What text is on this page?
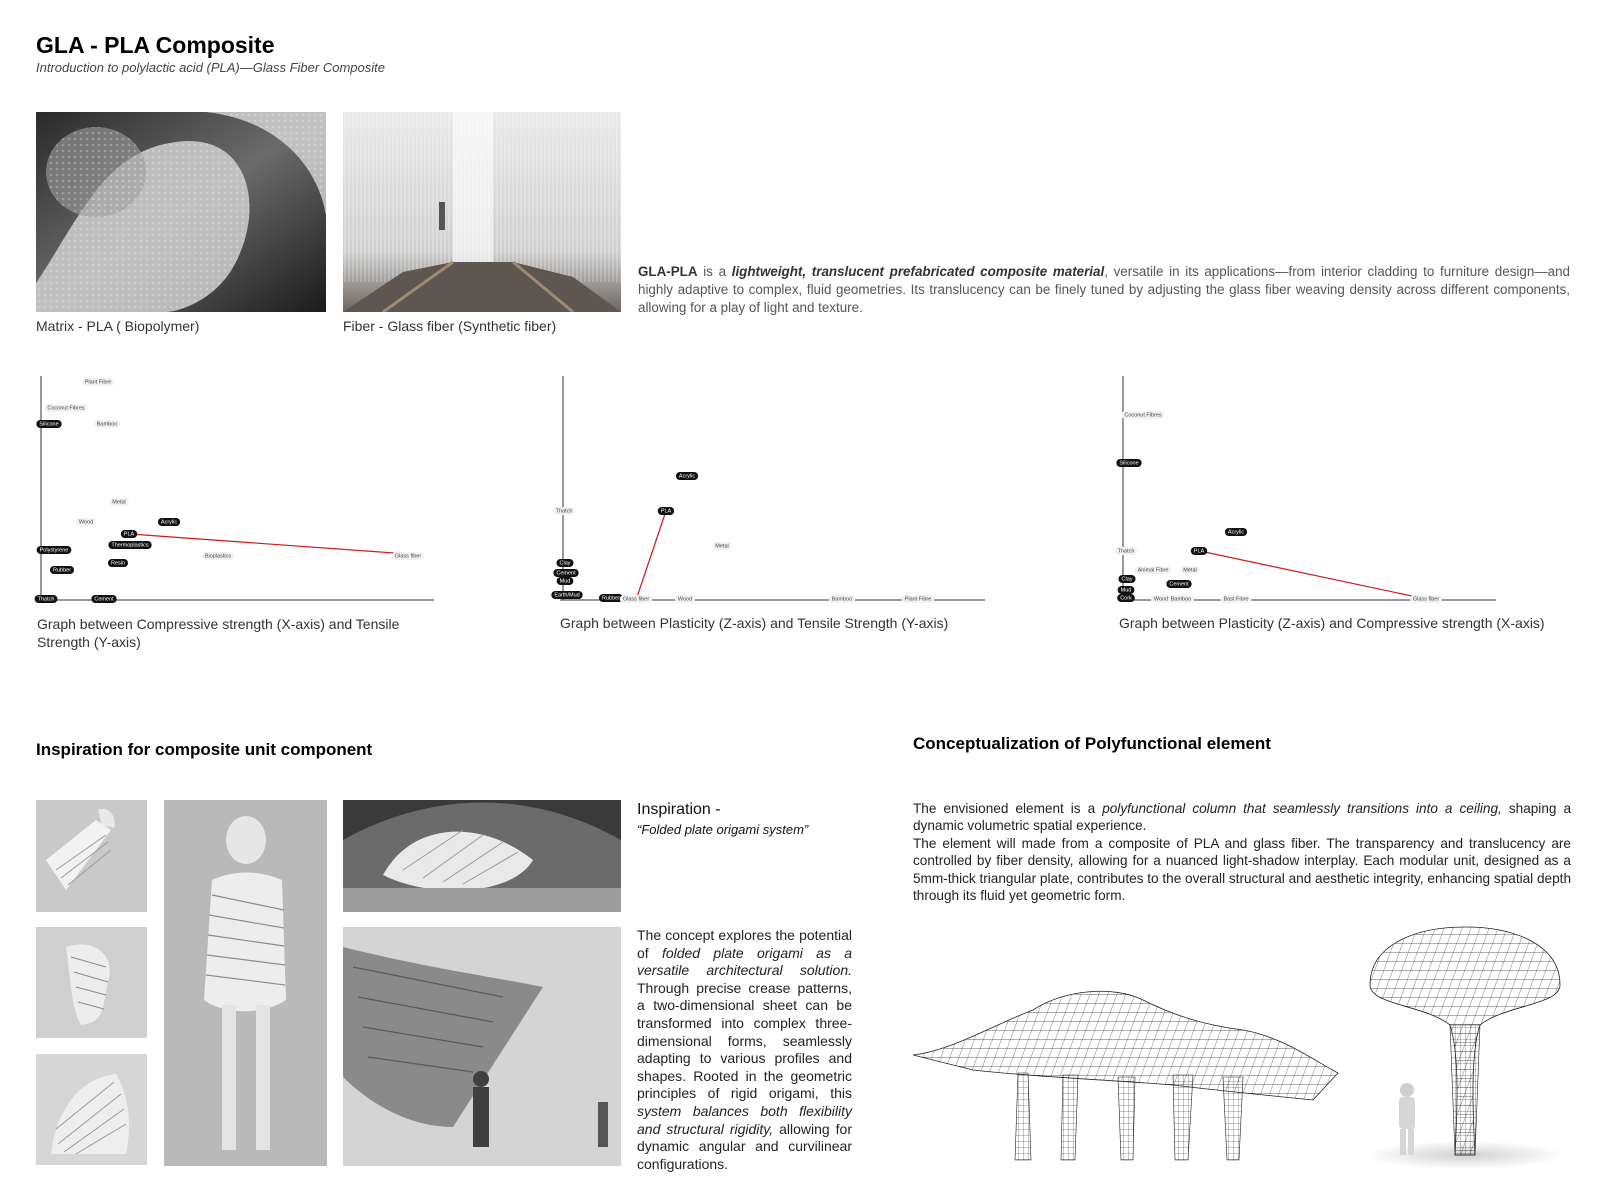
GLA - PLA Composite
Introduction to polylactic acid (PLA)—Glass Fiber Composite
Matrix - PLA ( Biopolymer)	Fiber - Glass fiber (Synthetic fiber)
GLA-PLA is a lightweight, translucent prefabricated composite material, versatile in its applications—from interior cladding to furniture design—and highly adaptive to complex, fluid geometries. Its translucency can be finely tuned by adjusting the glass fiber weaving density across different components, allowing for a play of light and texture.
Plant Fibre
Coconut Fibres
Silicone	Bamboo
Metal
Wood	Acrylic
PLA
Thermoplastics
Polystyrene
Resin
Bioplastics	Glass fiber
Rubber
Thatch	Cement
Graph between Compressive strength (X-axis) and Tensile Strength (Y-axis)
Acrylic
PLA
Thatch
Metal
Clay
Cement
Mud
Earth/Mud	Rubber Glass fiber	Wood	Bamboo	Plant Fibre
Graph between Plasticity (Z-axis) and Tensile Strength (Y-axis)
Coconut Fibres
Silicone
Acrylic
PLA
Thatch
Animal Fibre	Metal
Clay
Cement
Mud
Cork	Wood Bamboo	Bast Fibre	Glass fiber
Graph between Plasticity (Z-axis) and Compressive strength (X-axis)
Inspiration for composite unit component
Inspiration -
“Folded plate origami system”
The concept explores the potential of folded plate origami as a versatile architectural solution. Through precise crease patterns, a two-dimensional sheet can be transformed into complex three-dimensional forms, seamlessly adapting to various profiles and shapes. Rooted in the geometric principles of rigid origami, this system balances both flexibility and structural rigidity, allowing for dynamic angular and curvilinear configurations.
Conceptualization of Polyfunctional element
The envisioned element is a polyfunctional column that seamlessly transitions into a ceiling, shaping a dynamic volumetric spatial experience.
The element will made from a composite of PLA and glass fiber. The transparency and translucency are controlled by fiber density, allowing for a nuanced light-shadow interplay. Each modular unit, designed as a 5mm-thick triangular plate, contributes to the overall structural and aesthetic integrity, enhancing spatial depth through its fluid yet geometric form.
